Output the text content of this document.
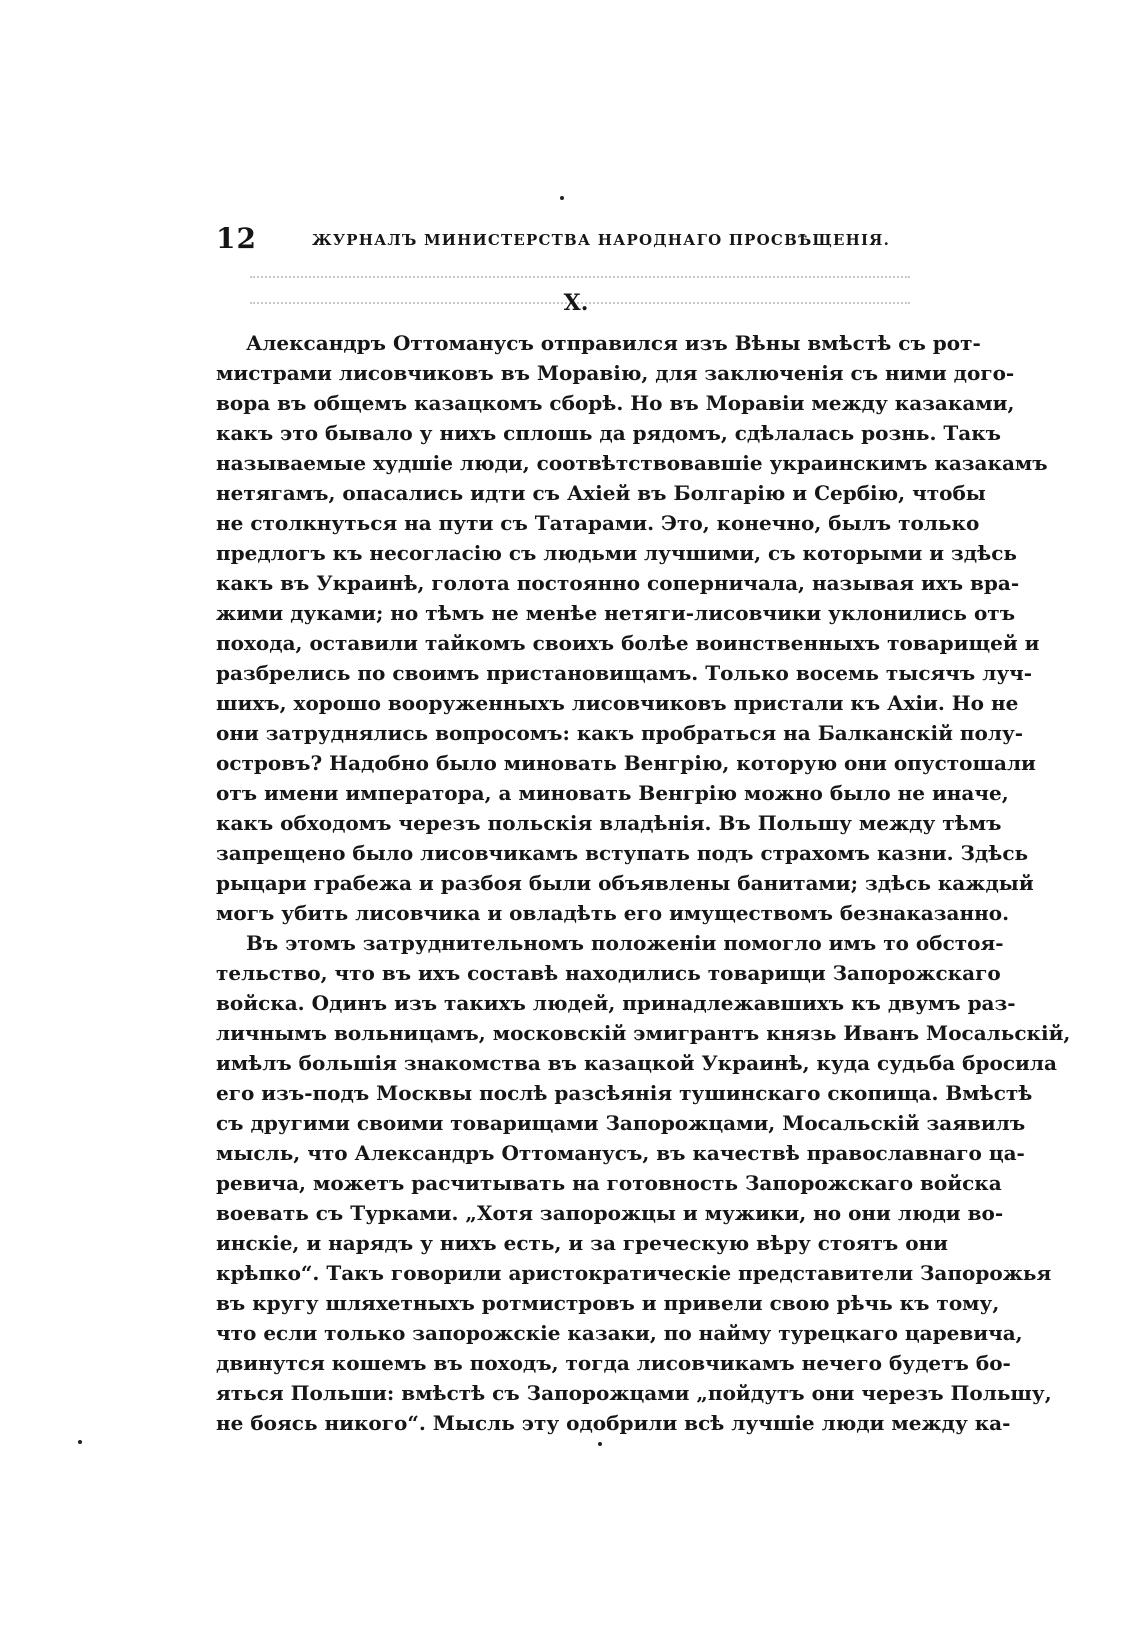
12	ЖУРНАЛЪ МИНИСТЕРСТВА НАРОДНАГО ПРОСВѢЩЕНІЯ.
X.

Александръ Оттоманусъ отправился изъ Вѣны вмѣстѣ съ рот-
мистрами лисовчиковъ въ Моравію, для заключенія съ ними дого-
вора въ общемъ казацкомъ сборѣ. Но въ Моравіи между казаками,
какъ это бывало у нихъ сплошь да рядомъ, сдѣлалась рознь. Такъ
называемые худшіе люди, соотвѣтствовавшіе украинскимъ казакамъ
нетягамъ, опасались идти съ Ахіей въ Болгарію и Сербію, чтобы
не столкнуться на пути съ Татарами. Это, конечно, былъ только
предлогъ къ несогласію съ людьми лучшими, съ которыми и здѣсь
какъ въ Украинѣ, голота постоянно соперничала, называя ихъ вра-
жими дуками; но тѣмъ не менѣе нетяги-лисовчики уклонились отъ
похода, оставили тайкомъ своихъ болѣе воинственныхъ товарищей и
разбрелись по своимъ пристановищамъ. Только восемь тысячъ луч-
шихъ, хорошо вооруженныхъ лисовчиковъ пристали къ Ахіи. Но не
они затруднялись вопросомъ: какъ пробраться на Балканскій полу-
островъ? Надобно было миновать Венгрію, которую они опустошали
отъ имени императора, а миновать Венгрію можно было не иначе,
какъ обходомъ черезъ польскія владѣнія. Въ Польшу между тѣмъ
запрещено было лисовчикамъ вступать подъ страхомъ казни. Здѣсь
рыцари грабежа и разбоя были объявлены банитами; здѣсь каждый
могъ убить лисовчика и овладѣть его имуществомъ безнаказанно.

Въ этомъ затруднительномъ положеніи помогло имъ то обстоя-
тельство, что въ ихъ составѣ находились товарищи Запорожскаго
войска. Одинъ изъ такихъ людей, принадлежавшихъ къ двумъ раз-
личнымъ вольницамъ, московскій эмигрантъ князь Иванъ Мосальскій,
имѣлъ большія знакомства въ казацкой Украинѣ, куда судьба бросила
его изъ-подъ Москвы послѣ разсѣянія тушинскаго скопища. Вмѣстѣ
съ другими своими товарищами Запорожцами, Мосальскій заявилъ
мысль, что Александръ Оттоманусъ, въ качествѣ православнаго ца-
ревича, можетъ расчитывать на готовность Запорожскаго войска
воевать съ Турками. „Хотя запорожцы и мужики, но они люди во-
инскіе, и нарядъ у нихъ есть, и за греческую вѣру стоятъ они
крѣпко“. Такъ говорили аристократическіе представители Запорожья
въ кругу шляхетныхъ ротмистровъ и привели свою рѣчь къ тому,
что если только запорожскіе казаки, по найму турецкаго царевича,
двинутся кошемъ въ походъ, тогда лисовчикамъ нечего будетъ бо-
яться Польши: вмѣстѣ съ Запорожцами „пойдутъ они черезъ Польшу,
не боясь никого“. Мысль эту одобрили всѣ лучшіе люди между ка-
